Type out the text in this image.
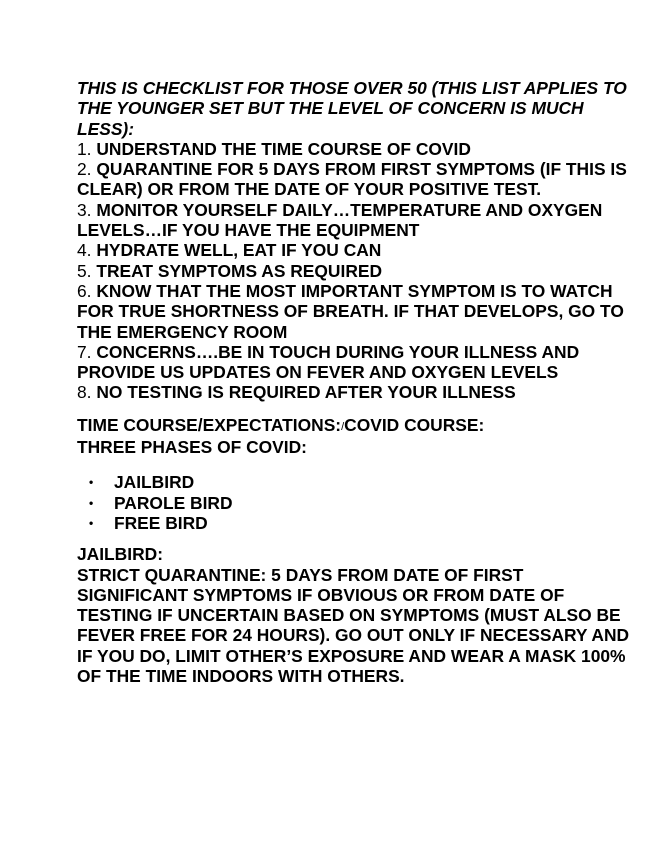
THIS IS CHECKLIST FOR THOSE OVER 50 (THIS LIST APPLIES TO THE YOUNGER SET BUT THE LEVEL OF CONCERN IS MUCH LESS):
1. UNDERSTAND THE TIME COURSE OF COVID
2. QUARANTINE FOR 5 DAYS FROM FIRST SYMPTOMS (IF THIS IS CLEAR) OR FROM THE DATE OF YOUR POSITIVE TEST.
3. MONITOR YOURSELF DAILY…TEMPERATURE AND OXYGEN LEVELS…IF YOU HAVE THE EQUIPMENT
4. HYDRATE WELL, EAT IF YOU CAN
5. TREAT SYMPTOMS AS REQUIRED
6. KNOW THAT THE MOST IMPORTANT SYMPTOM IS TO WATCH FOR TRUE SHORTNESS OF BREATH. IF THAT DEVELOPS, GO TO THE EMERGENCY ROOM
7. CONCERNS….BE IN TOUCH DURING YOUR ILLNESS AND PROVIDE US UPDATES ON FEVER AND OXYGEN LEVELS
8. NO TESTING IS REQUIRED AFTER YOUR ILLNESS
TIME COURSE/EXPECTATIONS:/COVID COURSE:
THREE PHASES OF COVID:
• JAILBIRD
• PAROLE BIRD
• FREE BIRD
JAILBIRD:
STRICT QUARANTINE: 5 DAYS FROM DATE OF FIRST SIGNIFICANT SYMPTOMS IF OBVIOUS OR FROM DATE OF TESTING IF UNCERTAIN BASED ON SYMPTOMS (MUST ALSO BE FEVER FREE FOR 24 HOURS). GO OUT ONLY IF NECESSARY AND IF YOU DO, LIMIT OTHER’S EXPOSURE AND WEAR A MASK 100% OF THE TIME INDOORS WITH OTHERS.
